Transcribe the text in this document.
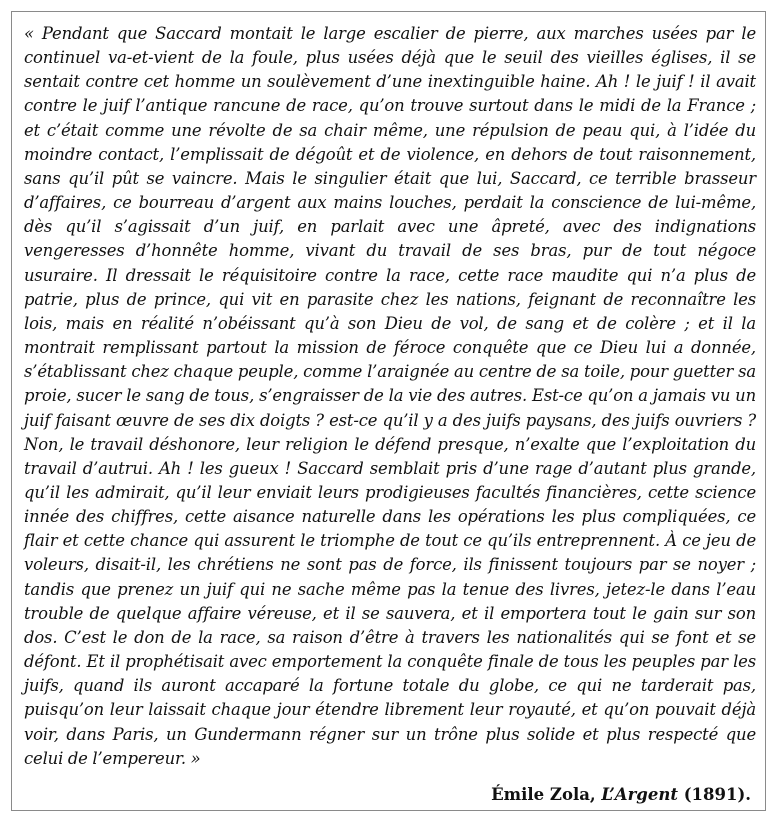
« Pendant que Saccard montait le large escalier de pierre, aux marches usées par le continuel va-et-vient de la foule, plus usées déjà que le seuil des vieilles églises, il se sentait contre cet homme un soulèvement d’une inextinguible haine. Ah ! le juif ! il avait contre le juif l’antique rancune de race, qu’on trouve surtout dans le midi de la France ; et c’était comme une révolte de sa chair même, une répulsion de peau qui, à l’idée du moindre contact, l’emplissait de dégoût et de violence, en dehors de tout raisonnement, sans qu’il pût se vaincre. Mais le singulier était que lui, Saccard, ce terrible brasseur d’affaires, ce bourreau d’argent aux mains louches, perdait la conscience de lui-même, dès qu’il s’agissait d’un juif, en parlait avec une âpreté, avec des indignations vengeresses d’honnête homme, vivant du travail de ses bras, pur de tout négoce usuraire. Il dressait le réquisitoire contre la race, cette race maudite qui n’a plus de patrie, plus de prince, qui vit en parasite chez les nations, feignant de reconnaître les lois, mais en réalité n’obéissant qu’à son Dieu de vol, de sang et de colère ; et il la montrait remplissant partout la mission de féroce conquête que ce Dieu lui a donnée, s’établissant chez chaque peuple, comme l’araignée au centre de sa toile, pour guetter sa proie, sucer le sang de tous, s’engraisser de la vie des autres. Est-ce qu’on a jamais vu un juif faisant œuvre de ses dix doigts ? est-ce qu’il y a des juifs paysans, des juifs ouvriers ? Non, le travail déshonore, leur religion le défend presque, n’exalte que l’exploitation du travail d’autrui. Ah ! les gueux ! Saccard semblait pris d’une rage d’autant plus grande, qu’il les admirait, qu’il leur enviait leurs prodigieuses facultés financières, cette science innée des chiffres, cette aisance naturelle dans les opérations les plus compliquées, ce flair et cette chance qui assurent le triomphe de tout ce qu’ils entreprennent. À ce jeu de voleurs, disait-il, les chrétiens ne sont pas de force, ils finissent toujours par se noyer ; tandis que prenez un juif qui ne sache même pas la tenue des livres, jetez-le dans l’eau trouble de quelque affaire véreuse, et il se sauvera, et il emportera tout le gain sur son dos. C’est le don de la race, sa raison d’être à travers les nationalités qui se font et se défont. Et il prophétisait avec emportement la conquête finale de tous les peuples par les juifs, quand ils auront accaparé la fortune totale du globe, ce qui ne tarderait pas, puisqu’on leur laissait chaque jour étendre librement leur royauté, et qu’on pouvait déjà voir, dans Paris, un Gundermann régner sur un trône plus solide et plus respecté que celui de l’empereur. »

Émile Zola, L’Argent (1891).
